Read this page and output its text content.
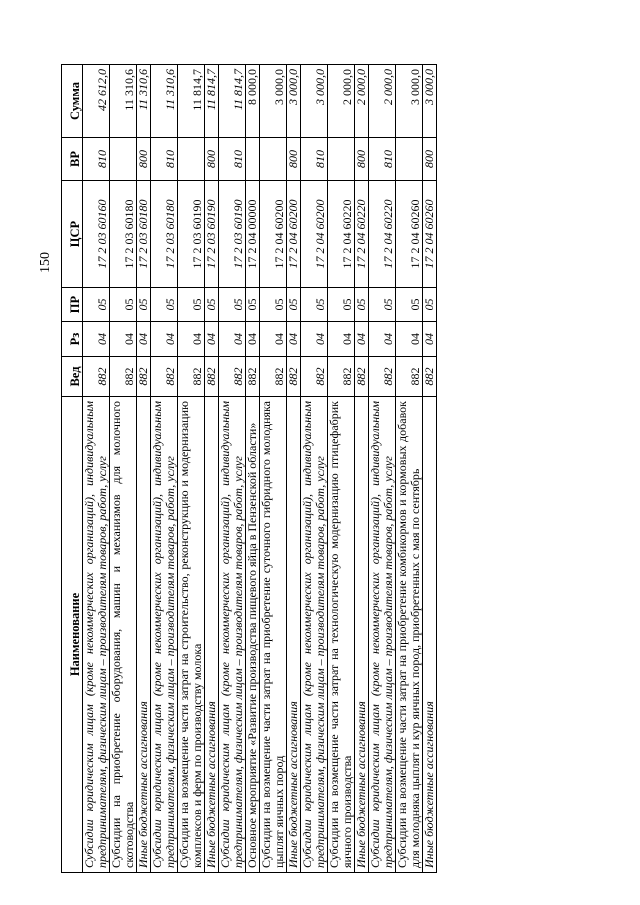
150
Наименование	Вед	Рз	ПР	ЦСР	ВР	Сумма
Субсидии юридическим лицам (кроме некоммерческих организаций), индивидуальным предпринимателям, физическим лицам – производителям товаров, работ, услуг	882	04	05	17 2 03 60160	810	42 612,0
Субсидии на приобретение оборудования, машин и механизмов для молочного скотоводства	882	04	05	17 2 03 60180		11 310,6
Иные бюджетные ассигнования	882	04	05	17 2 03 60180	800	11 310,6
Субсидии юридическим лицам (кроме некоммерческих организаций), индивидуальным предпринимателям, физическим лицам – производителям товаров, работ, услуг	882	04	05	17 2 03 60180	810	11 310,6
Субсидии на возмещение части затрат на строительство, реконструкцию и модернизацию комплексов и ферм по производству молока	882	04	05	17 2 03 60190		11 814,7
Иные бюджетные ассигнования	882	04	05	17 2 03 60190	800	11 814,7
Субсидии юридическим лицам (кроме некоммерческих организаций), индивидуальным предпринимателям, физическим лицам – производителям товаров, работ, услуг	882	04	05	17 2 03 60190	810	11 814,7
Основное мероприятие «Развитие производства пищевого яйца в Пензенской области»	882	04	05	17 2 04 00000		8 000,0
Субсидии на возмещение части затрат на приобретение суточного гибридного молодняка цыплят яичных пород	882	04	05	17 2 04 60200		3 000,0
Иные бюджетные ассигнования	882	04	05	17 2 04 60200	800	3 000,0
Субсидии юридическим лицам (кроме некоммерческих организаций), индивидуальным предпринимателям, физическим лицам – производителям товаров, работ, услуг	882	04	05	17 2 04 60200	810	3 000,0
Субсидии на возмещение части затрат на технологическую модернизацию птицефабрик яичного производства	882	04	05	17 2 04 60220		2 000,0
Иные бюджетные ассигнования	882	04	05	17 2 04 60220	800	2 000,0
Субсидии юридическим лицам (кроме некоммерческих организаций), индивидуальным предпринимателям, физическим лицам – производителям товаров, работ, услуг	882	04	05	17 2 04 60220	810	2 000,0
Субсидии на возмещение части затрат на приобретение комбикормов и кормовых добавок для молодняка цыплят и кур яичных пород, приобретенных с мая по сентябрь	882	04	05	17 2 04 60260		3 000,0
Иные бюджетные ассигнования	882	04	05	17 2 04 60260	800	3 000,0
